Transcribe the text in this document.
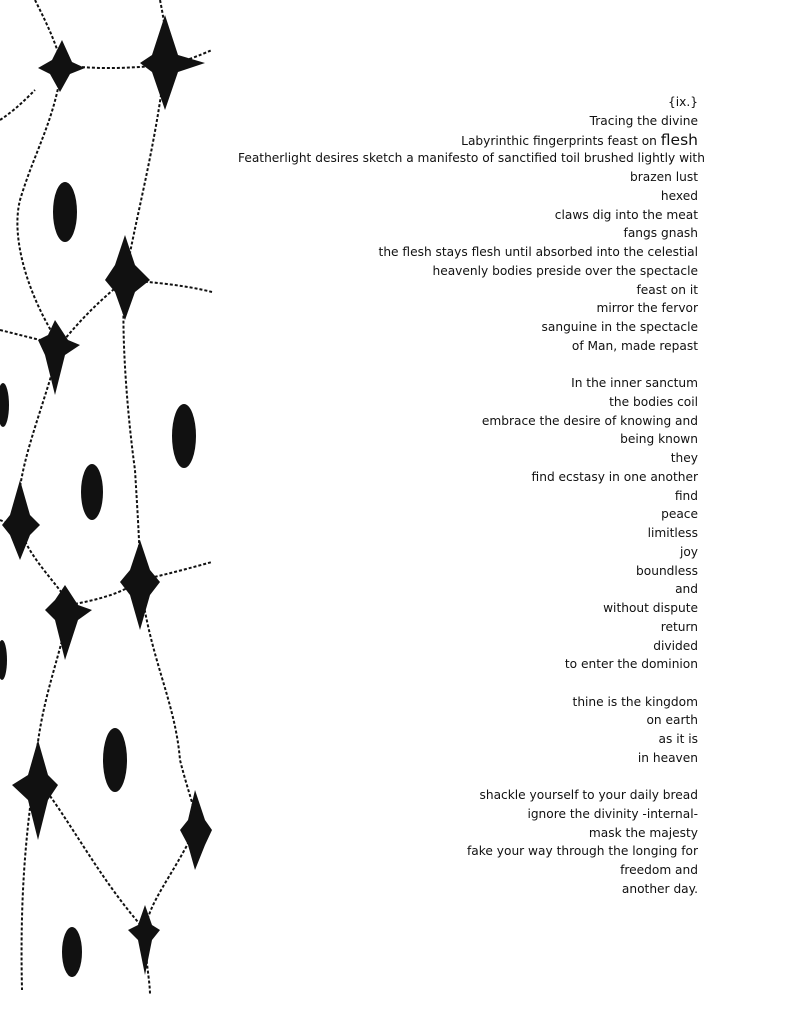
{ix.}
Tracing the divine
Labyrinthic fingerprints feast on flesh
Featherlight desires sketch a manifesto of sanctified toil brushed lightly with
brazen lust
hexed
claws dig into the meat
fangs gnash
the flesh stays flesh until absorbed into the celestial
heavenly bodies preside over the spectacle
feast on it
mirror the fervor
sanguine in the spectacle
of Man, made repast
In the inner sanctum
the bodies coil
embrace the desire of knowing and
being known
they
find ecstasy in one another
find
peace
limitless
joy
boundless
and
without dispute
return
divided
to enter the dominion
thine is the kingdom
on earth
as it is
in heaven
shackle yourself to your daily bread
ignore the divinity -internal-
mask the majesty
fake your way through the longing for
freedom and
another day.
